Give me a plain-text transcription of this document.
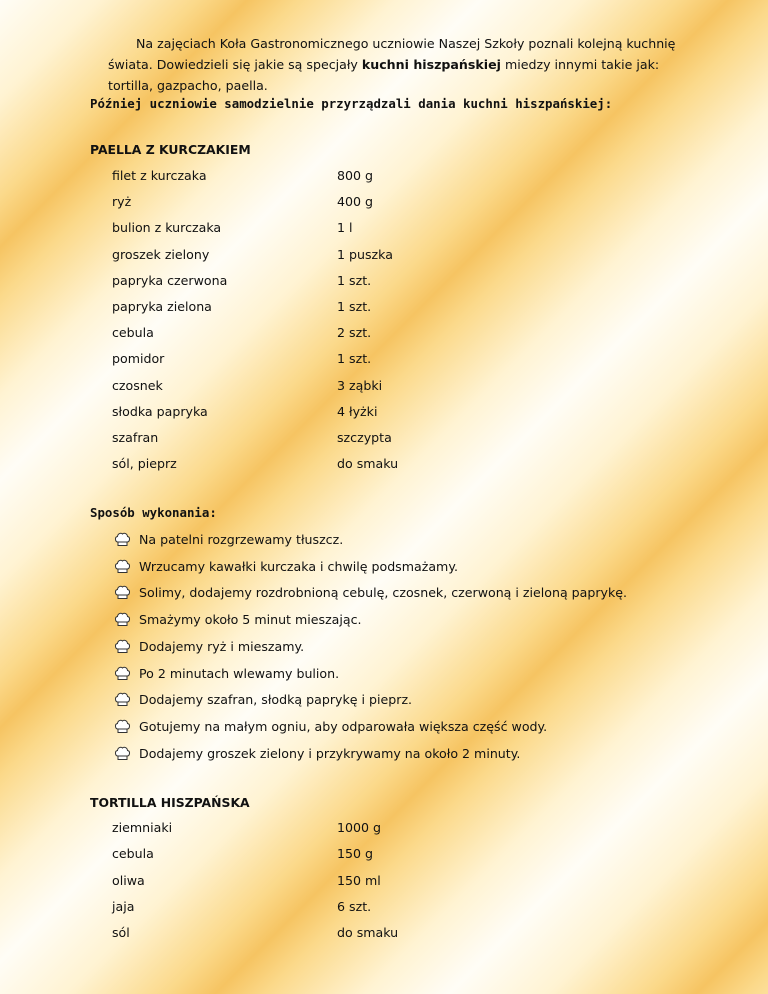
Na zajęciach Koła Gastronomicznego uczniowie Naszej Szkoły poznali kolejną kuchnię
świata. Dowiedzieli się jakie są specjały kuchni hiszpańskiej miedzy innymi takie jak:
tortilla, gazpacho, paella.
Później uczniowie samodzielnie przyrządzali dania kuchni hiszpańskiej:
PAELLA Z KURCZAKIEM
filet z kurczaka	800 g
ryż	400 g
bulion z kurczaka	1 l
groszek zielony	1 puszka
papryka czerwona	1 szt.
papryka zielona	1 szt.
cebula	2 szt.
pomidor	1 szt.
czosnek	3 ząbki
słodka papryka	4 łyżki
szafran	szczypta
sól, pieprz	do smaku
Sposób wykonania:
Na patelni rozgrzewamy tłuszcz.
Wrzucamy kawałki kurczaka i chwilę podsmażamy.
Solimy, dodajemy rozdrobnioną cebulę, czosnek, czerwoną i zieloną paprykę.
Smażymy około 5 minut mieszając.
Dodajemy ryż i mieszamy.
Po 2 minutach wlewamy bulion.
Dodajemy szafran, słodką paprykę i pieprz.
Gotujemy na małym ogniu, aby odparowała większa część wody.
Dodajemy groszek zielony i przykrywamy na około 2 minuty.
TORTILLA HISZPAŃSKA
ziemniaki	1000 g
cebula	150 g
oliwa	150 ml
jaja	6 szt.
sól	do smaku
